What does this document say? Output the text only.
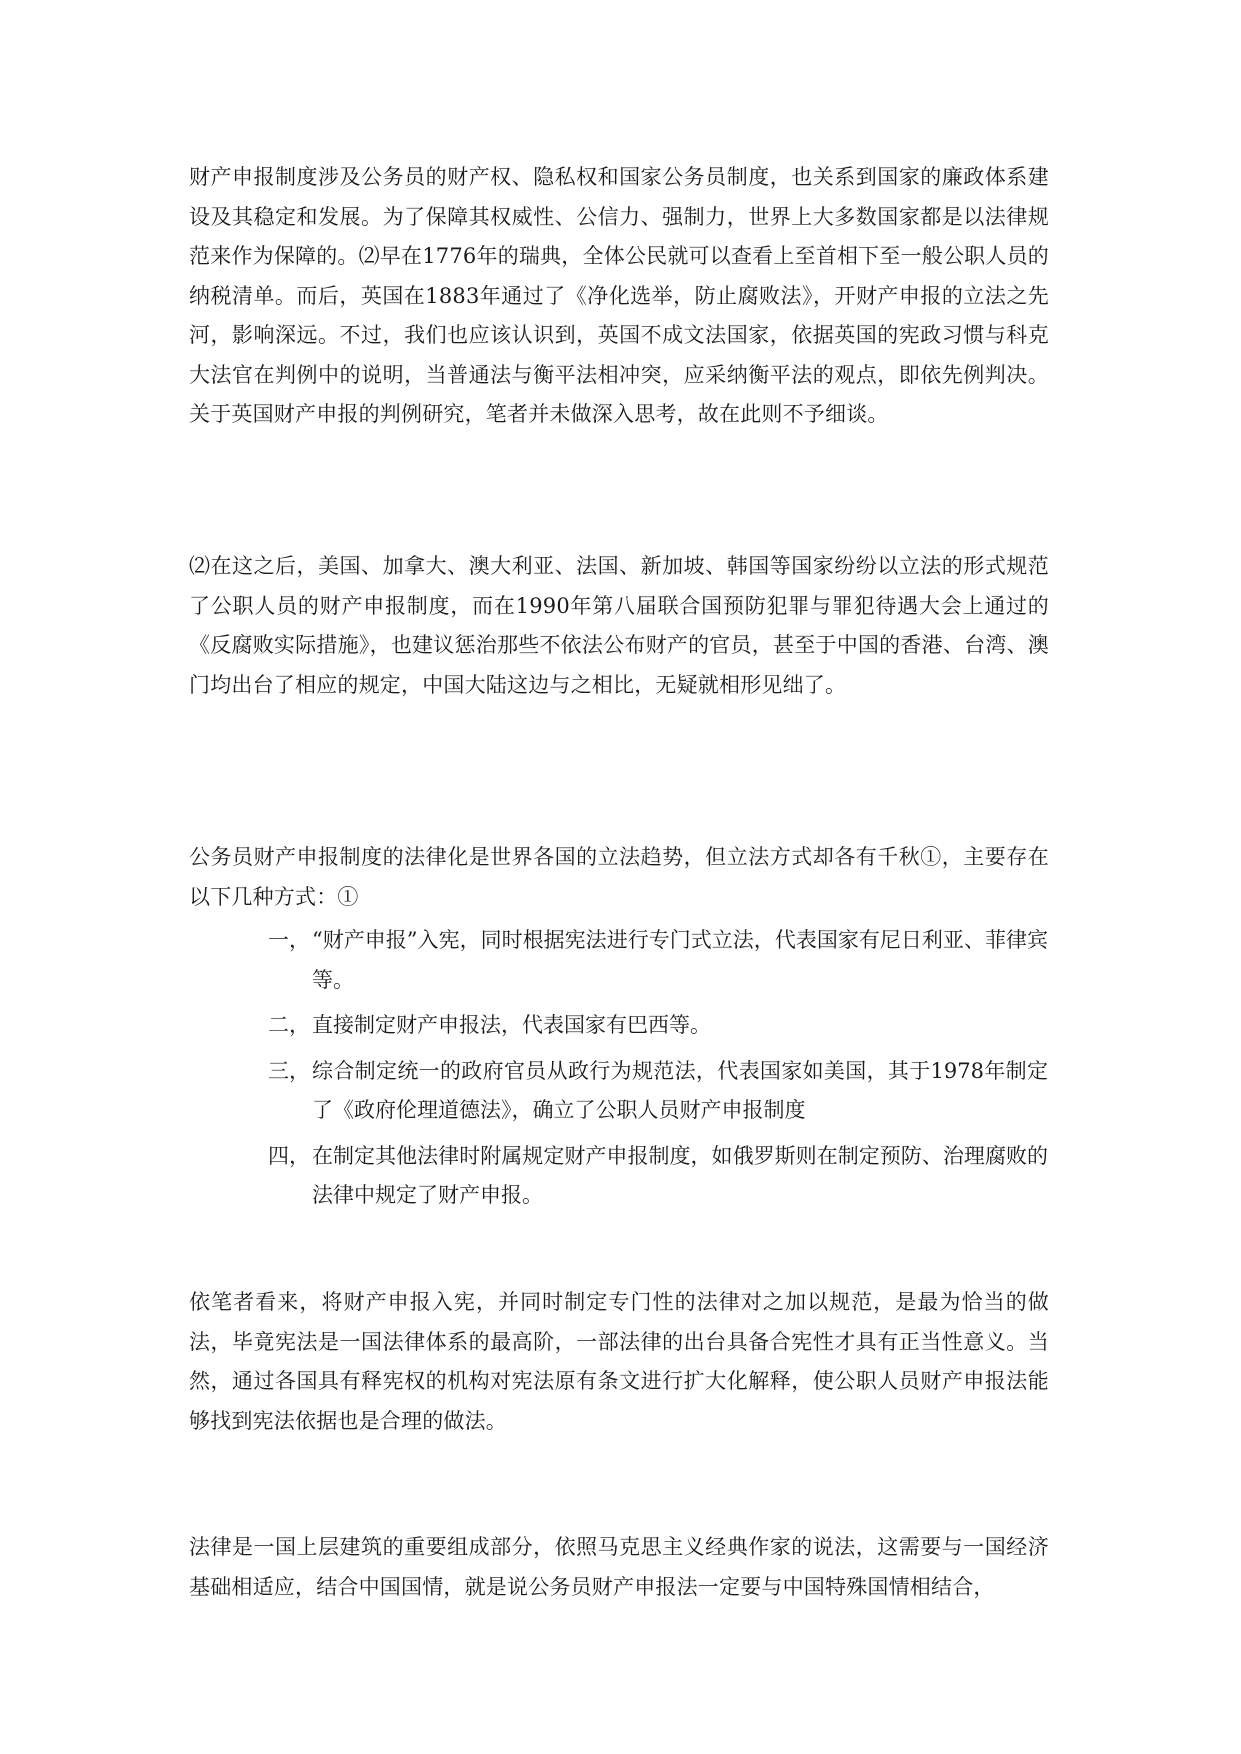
财产申报制度涉及公务员的财产权、隐私权和国家公务员制度，也关系到国家的廉政体系建设及其稳定和发展。为了保障其权威性、公信力、强制力，世界上大多数国家都是以法律规范来作为保障的。⑵早在1776年的瑞典，全体公民就可以查看上至首相下至一般公职人员的纳税清单。而后，英国在1883年通过了《净化选举，防止腐败法》，开财产申报的立法之先河，影响深远。不过，我们也应该认识到，英国不成文法国家，依据英国的宪政习惯与科克大法官在判例中的说明，当普通法与衡平法相冲突，应采纳衡平法的观点，即依先例判决。关于英国财产申报的判例研究，笔者并未做深入思考，故在此则不予细谈。

⑵在这之后，美国、加拿大、澳大利亚、法国、新加坡、韩国等国家纷纷以立法的形式规范了公职人员的财产申报制度，而在1990年第八届联合国预防犯罪与罪犯待遇大会上通过的《反腐败实际措施》，也建议惩治那些不依法公布财产的官员，甚至于中国的香港、台湾、澳门均出台了相应的规定，中国大陆这边与之相比，无疑就相形见绌了。

公务员财产申报制度的法律化是世界各国的立法趋势，但立法方式却各有千秋①，主要存在以下几种方式：①

一， “财产申报”入宪，同时根据宪法进行专门式立法，代表国家有尼日利亚、菲律宾等。
二， 直接制定财产申报法，代表国家有巴西等。
三， 综合制定统一的政府官员从政行为规范法，代表国家如美国，其于1978年制定了《政府伦理道德法》，确立了公职人员财产申报制度
四， 在制定其他法律时附属规定财产申报制度，如俄罗斯则在制定预防、治理腐败的法律中规定了财产申报。

依笔者看来，将财产申报入宪，并同时制定专门性的法律对之加以规范，是最为恰当的做法，毕竟宪法是一国法律体系的最高阶，一部法律的出台具备合宪性才具有正当性意义。当然，通过各国具有释宪权的机构对宪法原有条文进行扩大化解释，使公职人员财产申报法能够找到宪法依据也是合理的做法。

法律是一国上层建筑的重要组成部分，依照马克思主义经典作家的说法，这需要与一国经济基础相适应，结合中国国情，就是说公务员财产申报法一定要与中国特殊国情相结合，
